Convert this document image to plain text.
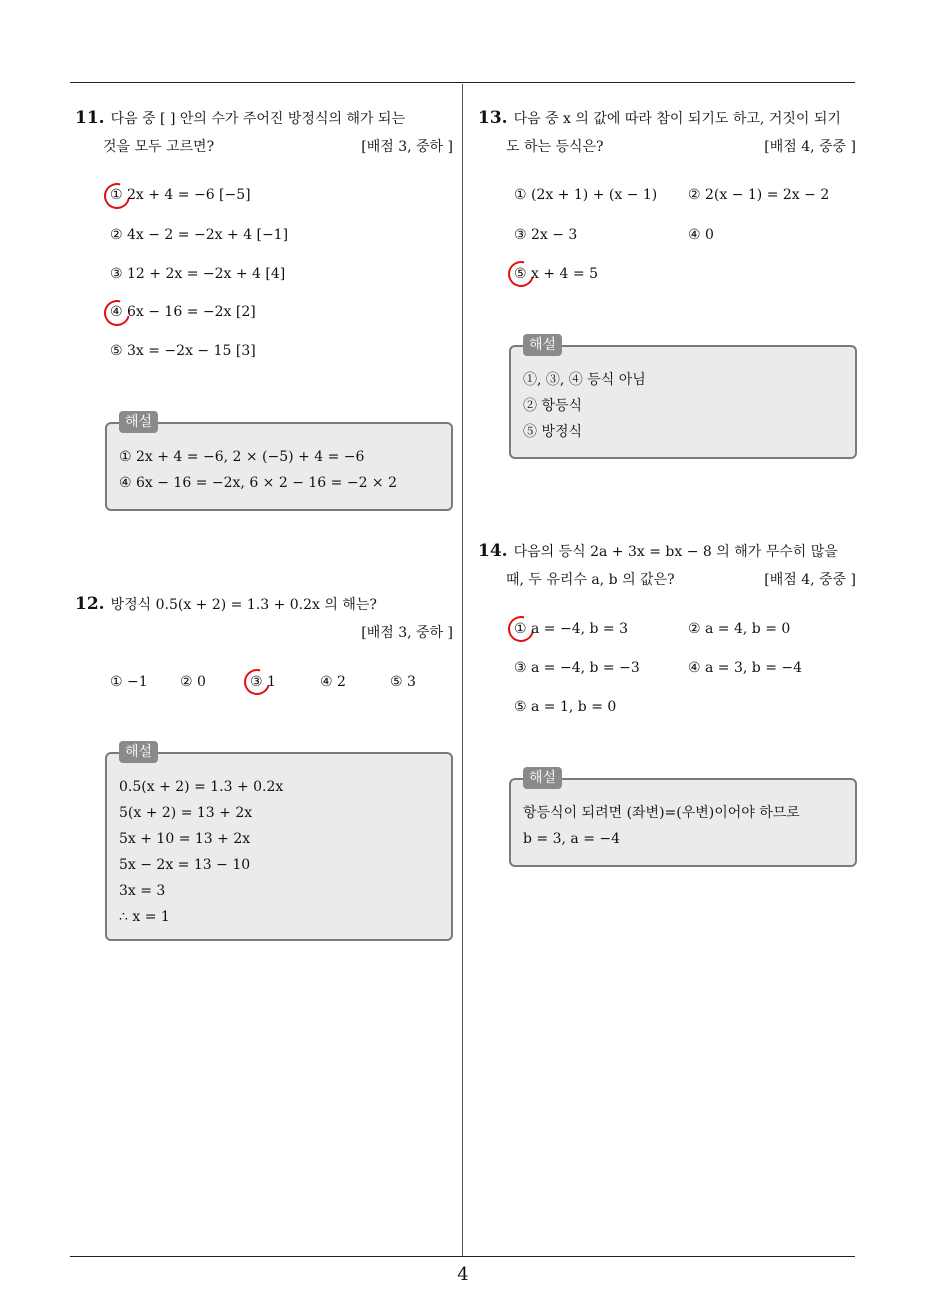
4
11. 다음 중 [ ] 안의 수가 주어진 방정식의 해가 되는
것을 모두 고르면?	[배점 3, 중하 ]
① 2x + 4 = −6 [−5]
② 4x − 2 = −2x + 4 [−1]
③ 12 + 2x = −2x + 4 [4]
④ 6x − 16 = −2x [2]
⑤ 3x = −2x − 15 [3]
해설
① 2x + 4 = −6, 2 × (−5) + 4 = −6
④ 6x − 16 = −2x, 6 × 2 − 16 = −2 × 2
12. 방정식 0.5(x + 2) = 1.3 + 0.2x 의 해는?
[배점 3, 중하 ]
① −1 ② 0	③ 1	④ 2	⑤ 3
해설
0.5(x + 2) = 1.3 + 0.2x
5(x + 2) = 13 + 2x
5x + 10 = 13 + 2x
5x − 2x = 13 − 10
3x = 3
∴ x = 1
13. 다음 중 x 의 값에 따라 참이 되기도 하고, 거짓이 되기
도 하는 등식은?	[배점 4, 중중 ]
① (2x + 1) + (x − 1) ② 2(x − 1) = 2x − 2
③ 2x − 3	④ 0
⑤ x + 4 = 5
해설
①, ③, ④ 등식 아님
② 항등식
⑤ 방정식
14. 다음의 등식 2a + 3x = bx − 8 의 해가 무수히 많을
때, 두 유리수 a, b 의 값은?	[배점 4, 중중 ]
① a = −4, b = 3	② a = 4, b = 0
③ a = −4, b = −3	④ a = 3, b = −4
⑤ a = 1, b = 0
해설
항등식이 되려면 (좌변)=(우변)이어야 하므로
b = 3, a = −4
